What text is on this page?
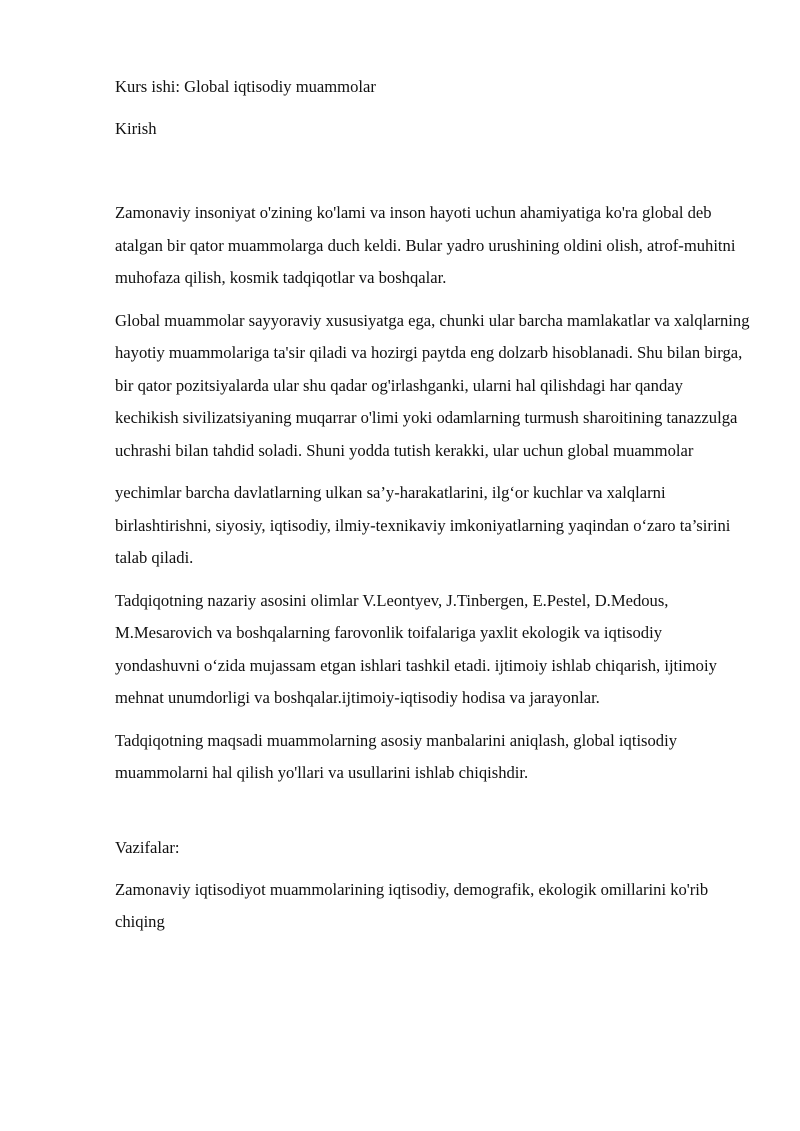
Kurs ishi: Global iqtisodiy muammolar

Kirish

Zamonaviy insoniyat o'zining ko'lami va inson hayoti uchun ahamiyatiga ko'ra global deb atalgan bir qator muammolarga duch keldi. Bular yadro urushining oldini olish, atrof-muhitni muhofaza qilish, kosmik tadqiqotlar va boshqalar.

Global muammolar sayyoraviy xususiyatga ega, chunki ular barcha mamlakatlar va xalqlarning hayotiy muammolariga ta'sir qiladi va hozirgi paytda eng dolzarb hisoblanadi. Shu bilan birga, bir qator pozitsiyalarda ular shu qadar og'irlashganki, ularni hal qilishdagi har qanday kechikish sivilizatsiyaning muqarrar o'limi yoki odamlarning turmush sharoitining tanazzulga uchrashi bilan tahdid soladi. Shuni yodda tutish kerakki, ular uchun global muammolar

yechimlar barcha davlatlarning ulkan sa’y-harakatlarini, ilg‘or kuchlar va xalqlarni birlashtirishni, siyosiy, iqtisodiy, ilmiy-texnikaviy imkoniyatlarning yaqindan o‘zaro ta’sirini talab qiladi.

Tadqiqotning nazariy asosini olimlar V.Leontyev, J.Tinbergen, E.Pestel, D.Medous, M.Mesarovich va boshqalarning farovonlik toifalariga yaxlit ekologik va iqtisodiy yondashuvni o‘zida mujassam etgan ishlari tashkil etadi. ijtimoiy ishlab chiqarish, ijtimoiy mehnat unumdorligi va boshqalar.ijtimoiy-iqtisodiy hodisa va jarayonlar.

Tadqiqotning maqsadi muammolarning asosiy manbalarini aniqlash, global iqtisodiy muammolarni hal qilish yo'llari va usullarini ishlab chiqishdir.

Vazifalar:

Zamonaviy iqtisodiyot muammolarining iqtisodiy, demografik, ekologik omillarini ko'rib chiqing
